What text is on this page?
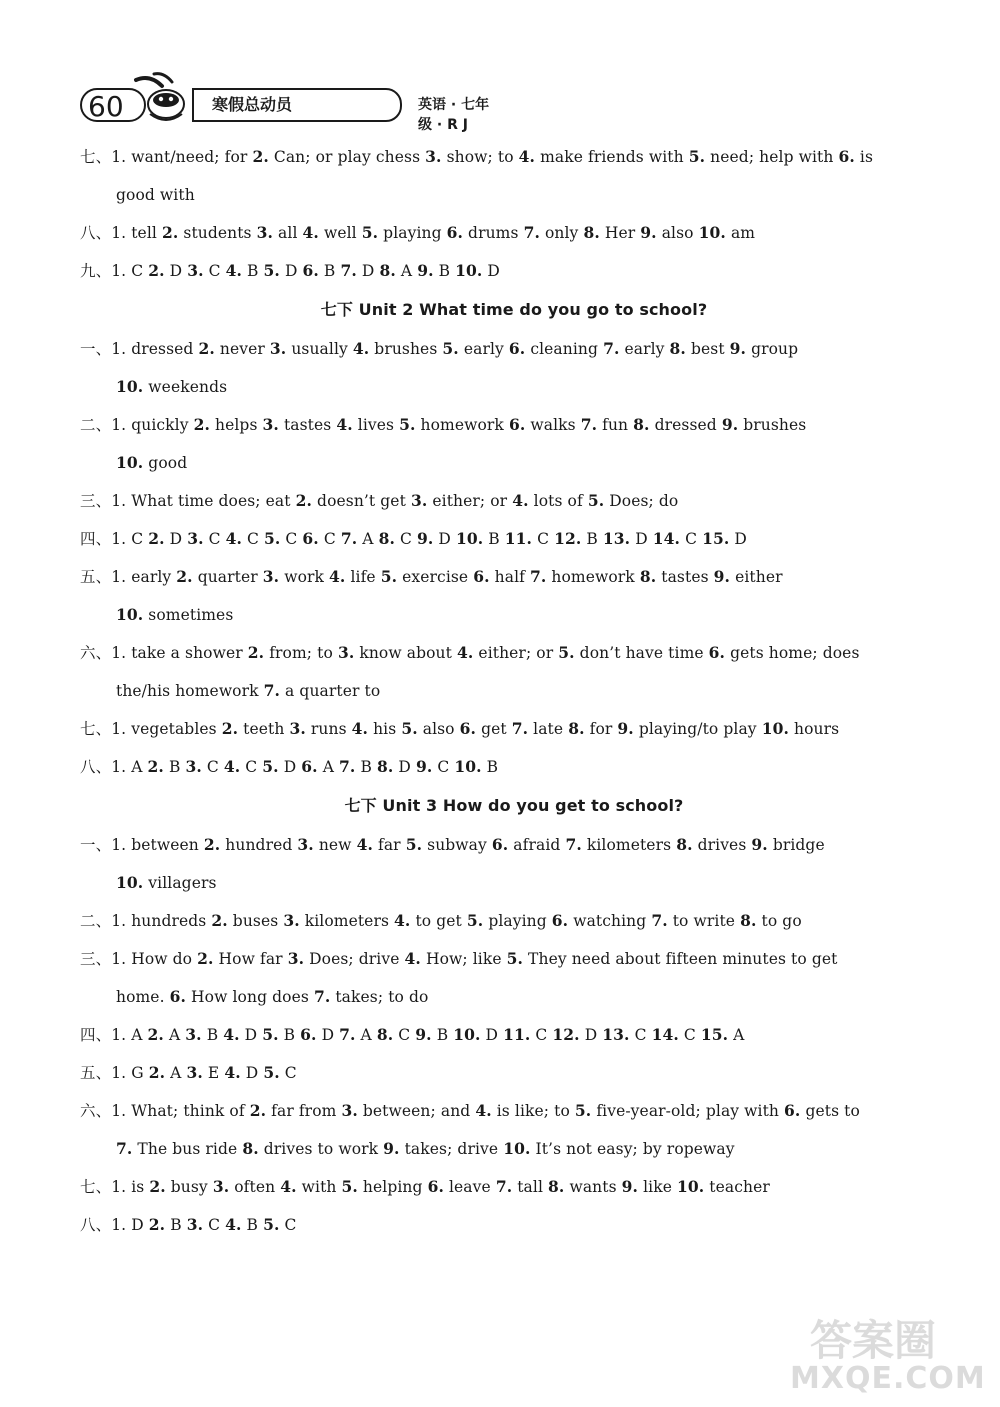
60	寒假总动员	英语 · 七年级 · R J
七、1. want/need; for 2. Can; or play chess 3. show; to 4. make friends with 5. need; help with 6. is
good with
八、1. tell 2. students 3. all 4. well 5. playing 6. drums 7. only 8. Her 9. also 10. am
九、1. C 2. D 3. C 4. B 5. D 6. B 7. D 8. A 9. B 10. D
七下 Unit 2 What time do you go to school?
一、1. dressed 2. never 3. usually 4. brushes 5. early 6. cleaning 7. early 8. best 9. group
10. weekends
二、1. quickly 2. helps 3. tastes 4. lives 5. homework 6. walks 7. fun 8. dressed 9. brushes
10. good
三、1. What time does; eat 2. doesn’t get 3. either; or 4. lots of 5. Does; do
四、1. C 2. D 3. C 4. C 5. C 6. C 7. A 8. C 9. D 10. B 11. C 12. B 13. D 14. C 15. D
五、1. early 2. quarter 3. work 4. life 5. exercise 6. half 7. homework 8. tastes 9. either
10. sometimes
六、1. take a shower 2. from; to 3. know about 4. either; or 5. don’t have time 6. gets home; does
the/his homework 7. a quarter to
七、1. vegetables 2. teeth 3. runs 4. his 5. also 6. get 7. late 8. for 9. playing/to play 10. hours
八、1. A 2. B 3. C 4. C 5. D 6. A 7. B 8. D 9. C 10. B
七下 Unit 3 How do you get to school?
一、1. between 2. hundred 3. new 4. far 5. subway 6. afraid 7. kilometers 8. drives 9. bridge
10. villagers
二、1. hundreds 2. buses 3. kilometers 4. to get 5. playing 6. watching 7. to write 8. to go
三、1. How do 2. How far 3. Does; drive 4. How; like 5. They need about fifteen minutes to get
home. 6. How long does 7. takes; to do
四、1. A 2. A 3. B 4. D 5. B 6. D 7. A 8. C 9. B 10. D 11. C 12. D 13. C 14. C 15. A
五、1. G 2. A 3. E 4. D 5. C
六、1. What; think of 2. far from 3. between; and 4. is like; to 5. five-year-old; play with 6. gets to
7. The bus ride 8. drives to work 9. takes; drive 10. It’s not easy; by ropeway
七、1. is 2. busy 3. often 4. with 5. helping 6. leave 7. tall 8. wants 9. like 10. teacher
八、1. D 2. B 3. C 4. B 5. C
答案圈
MXQE.COM
